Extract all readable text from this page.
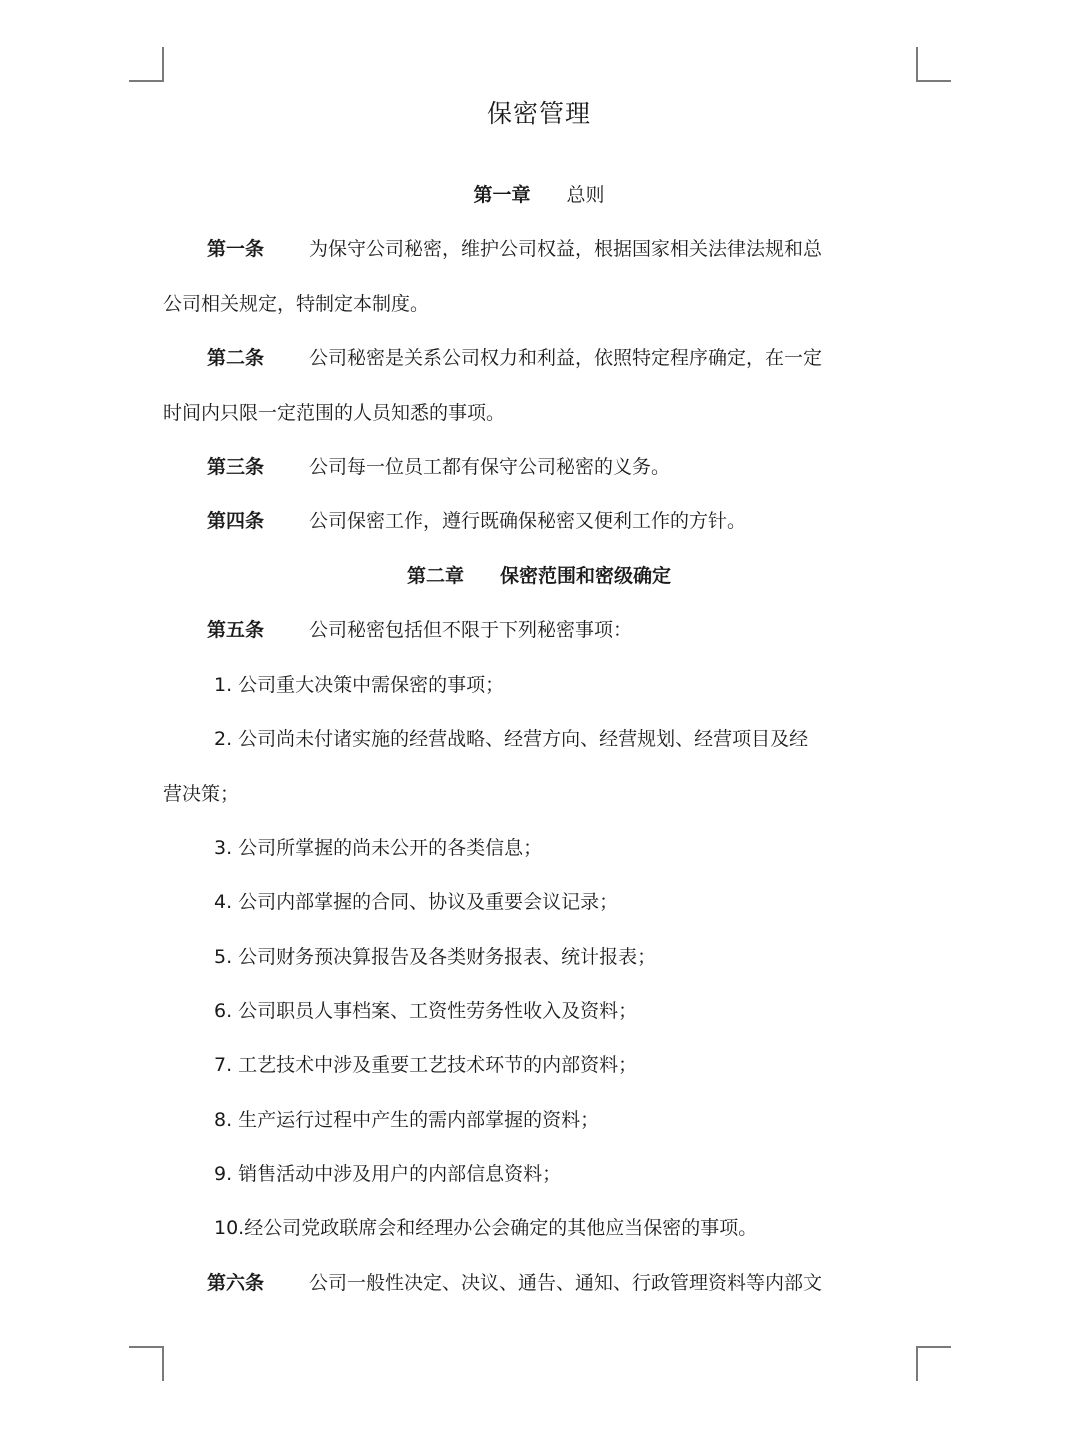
保密管理
第一章 总则
第一条 为保守公司秘密，维护公司权益，根据国家相关法律法规和总
公司相关规定，特制定本制度。
第二条 公司秘密是关系公司权力和利益，依照特定程序确定，在一定
时间内只限一定范围的人员知悉的事项。
第三条 公司每一位员工都有保守公司秘密的义务。
第四条 公司保密工作，遵行既确保秘密又便利工作的方针。
第二章 保密范围和密级确定
第五条 公司秘密包括但不限于下列秘密事项：
1. 公司重大决策中需保密的事项；
2. 公司尚未付诸实施的经营战略、经营方向、经营规划、经营项目及经
营决策；
3. 公司所掌握的尚未公开的各类信息；
4. 公司内部掌握的合同、协议及重要会议记录；
5. 公司财务预决算报告及各类财务报表、统计报表；
6. 公司职员人事档案、工资性劳务性收入及资料；
7. 工艺技术中涉及重要工艺技术环节的内部资料；
8. 生产运行过程中产生的需内部掌握的资料；
9. 销售活动中涉及用户的内部信息资料；
10.经公司党政联席会和经理办公会确定的其他应当保密的事项。
第六条 公司一般性决定、决议、通告、通知、行政管理资料等内部文
